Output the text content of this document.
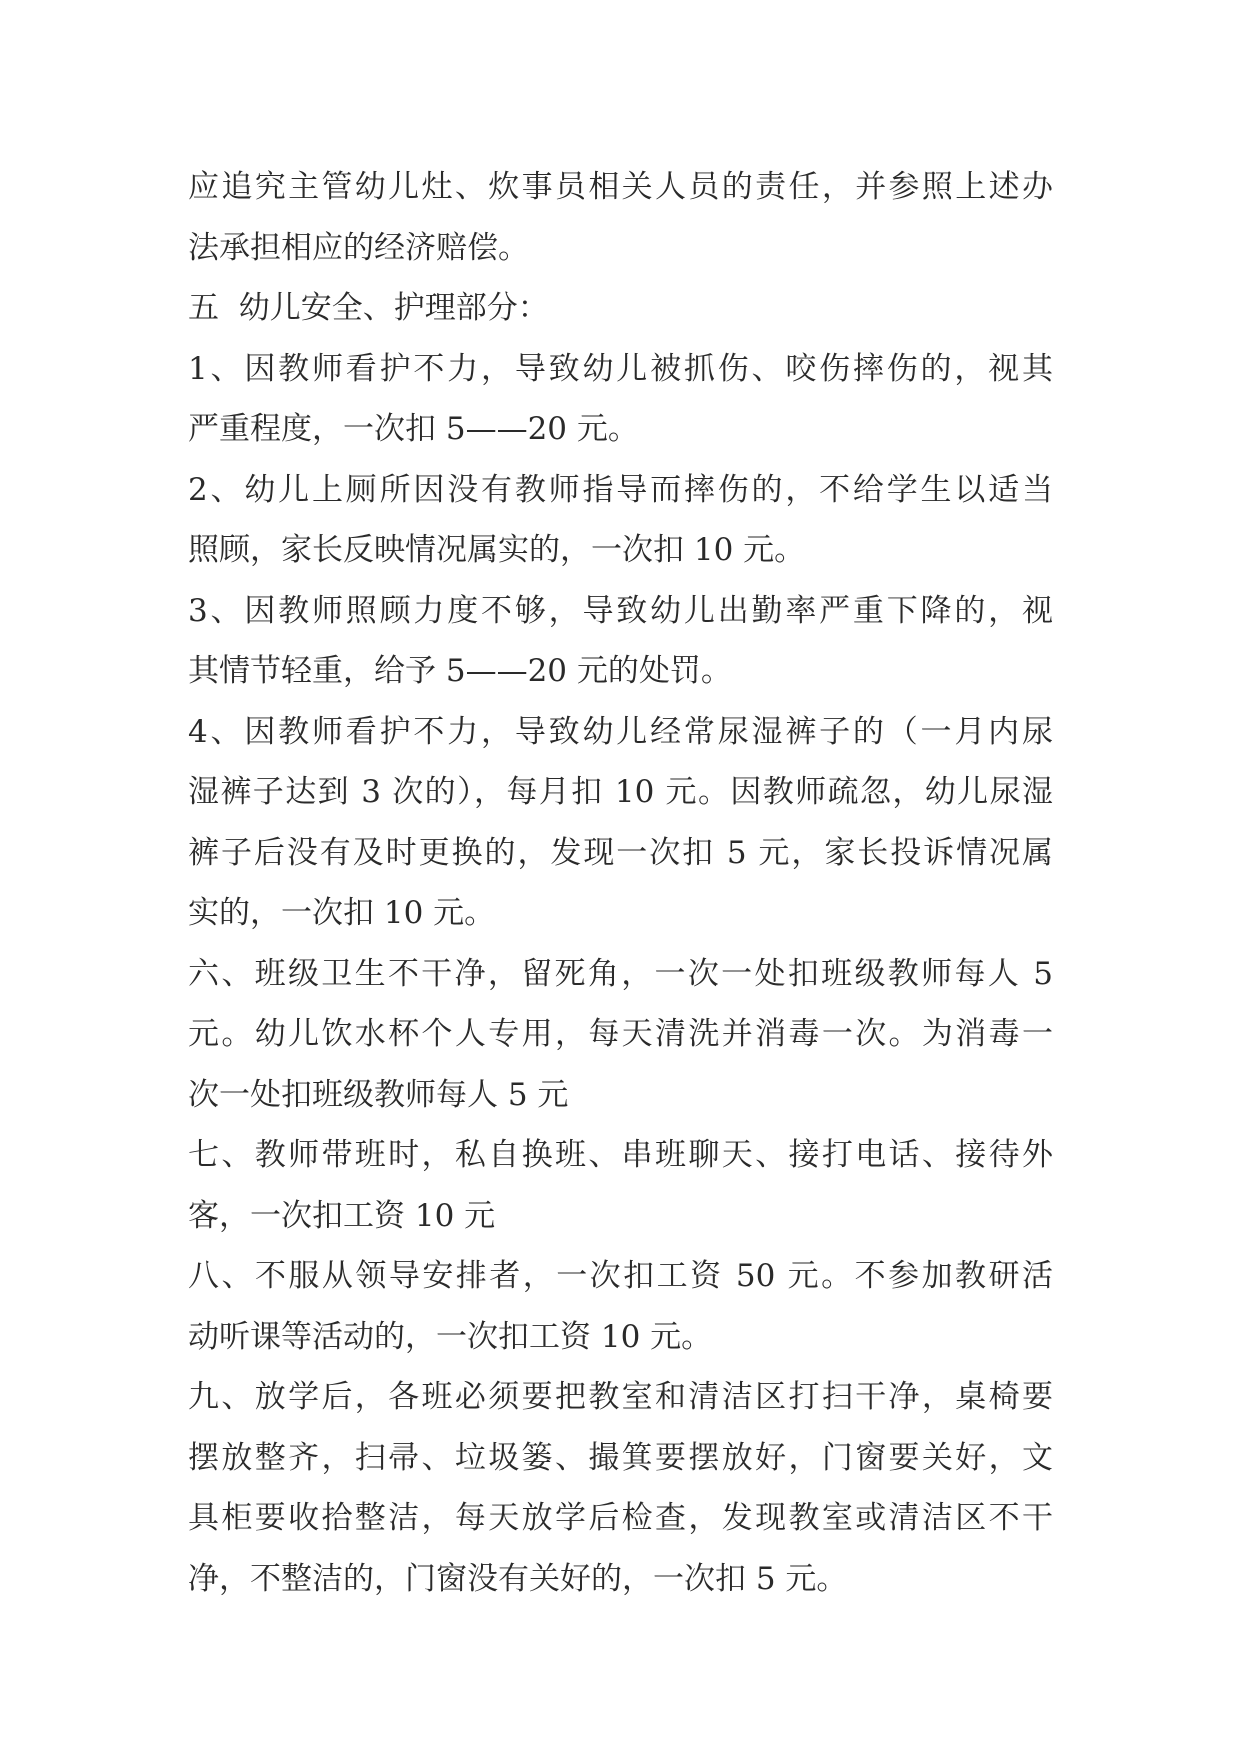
应追究主管幼儿灶、炊事员相关人员的责任，并参照上述办
法承担相应的经济赔偿。

五  幼儿安全、护理部分：

1、因教师看护不力，导致幼儿被抓伤、咬伤摔伤的，视其
严重程度，一次扣 5——20 元。

2、幼儿上厕所因没有教师指导而摔伤的，不给学生以适当
照顾，家长反映情况属实的，一次扣 10 元。

3、因教师照顾力度不够，导致幼儿出勤率严重下降的，视
其情节轻重，给予 5——20 元的处罚。

4、因教师看护不力，导致幼儿经常尿湿裤子的（一月内尿
湿裤子达到 3 次的），每月扣 10 元。因教师疏忽，幼儿尿湿
裤子后没有及时更换的，发现一次扣 5 元，家长投诉情况属
实的，一次扣 10 元。

六、班级卫生不干净，留死角，一次一处扣班级教师每人 5
元。幼儿饮水杯个人专用，每天清洗并消毒一次。为消毒一
次一处扣班级教师每人 5 元

七、教师带班时，私自换班、串班聊天、接打电话、接待外
客，一次扣工资 10 元

八、不服从领导安排者，一次扣工资 50 元。不参加教研活
动听课等活动的，一次扣工资 10 元。

九、放学后，各班必须要把教室和清洁区打扫干净，桌椅要
摆放整齐，扫帚、垃圾篓、撮箕要摆放好，门窗要关好，文
具柜要收拾整洁，每天放学后检查，发现教室或清洁区不干
净，不整洁的，门窗没有关好的，一次扣 5 元。
